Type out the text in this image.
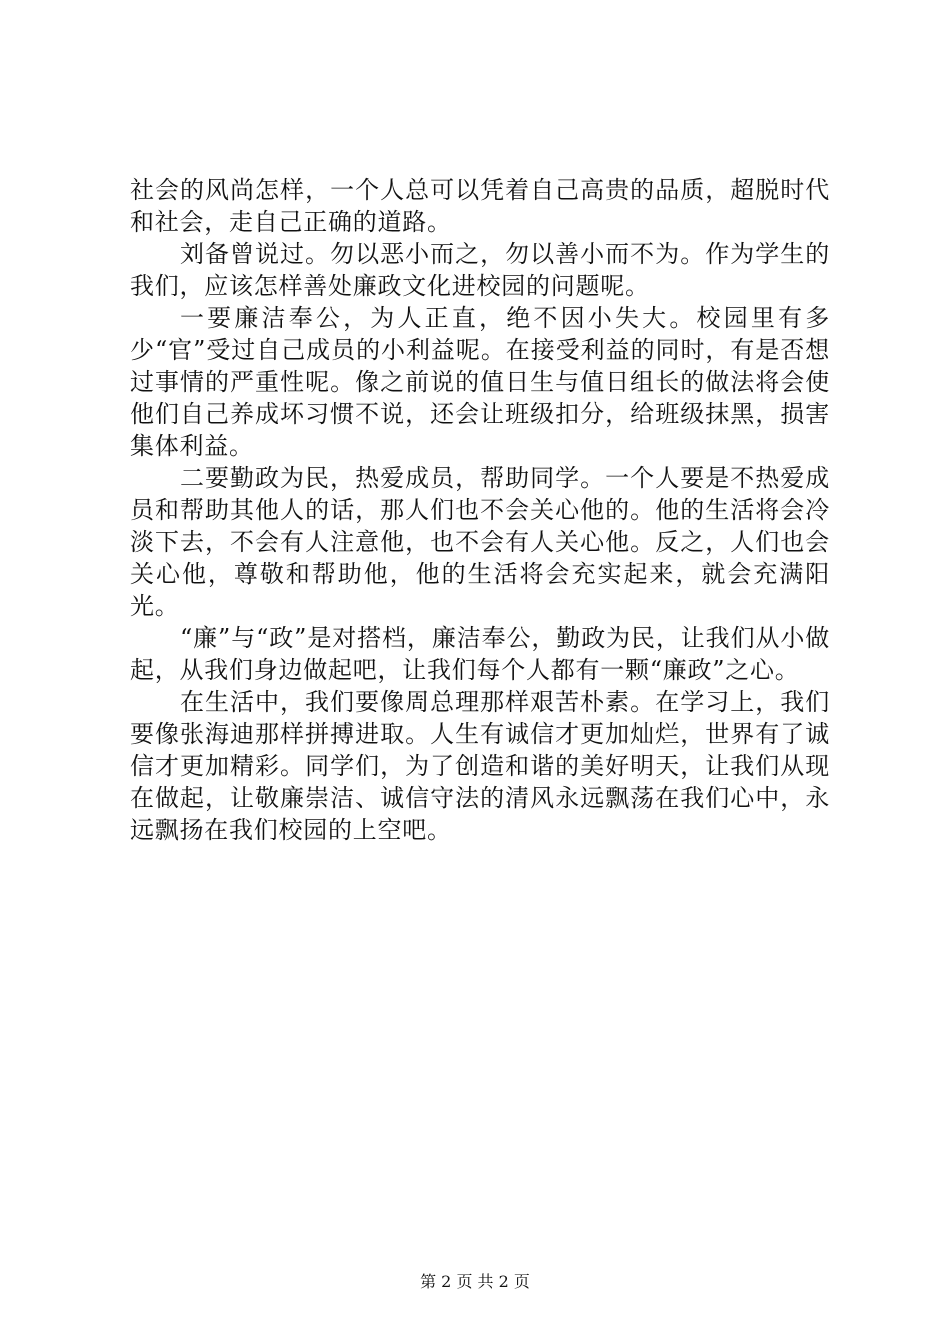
社会的风尚怎样，一个人总可以凭着自己高贵的品质，超脱时代和社会，走自己正确的道路。

刘备曾说过。勿以恶小而之，勿以善小而不为。作为学生的我们，应该怎样善处廉政文化进校园的问题呢。

一要廉洁奉公，为人正直，绝不因小失大。校园里有多少“官”受过自己成员的小利益呢。在接受利益的同时，有是否想过事情的严重性呢。像之前说的值日生与值日组长的做法将会使他们自己养成坏习惯不说，还会让班级扣分，给班级抹黑，损害集体利益。

二要勤政为民，热爱成员，帮助同学。一个人要是不热爱成员和帮助其他人的话，那人们也不会关心他的。他的生活将会冷淡下去，不会有人注意他，也不会有人关心他。反之，人们也会关心他，尊敬和帮助他，他的生活将会充实起来，就会充满阳光。

“廉”与“政”是对搭档，廉洁奉公，勤政为民，让我们从小做起，从我们身边做起吧，让我们每个人都有一颗“廉政”之心。

在生活中，我们要像周总理那样艰苦朴素。在学习上，我们要像张海迪那样拼搏进取。人生有诚信才更加灿烂，世界有了诚信才更加精彩。同学们，为了创造和谐的美好明天，让我们从现在做起，让敬廉崇洁、诚信守法的清风永远飘荡在我们心中，永远飘扬在我们校园的上空吧。

第 2 页 共 2 页
